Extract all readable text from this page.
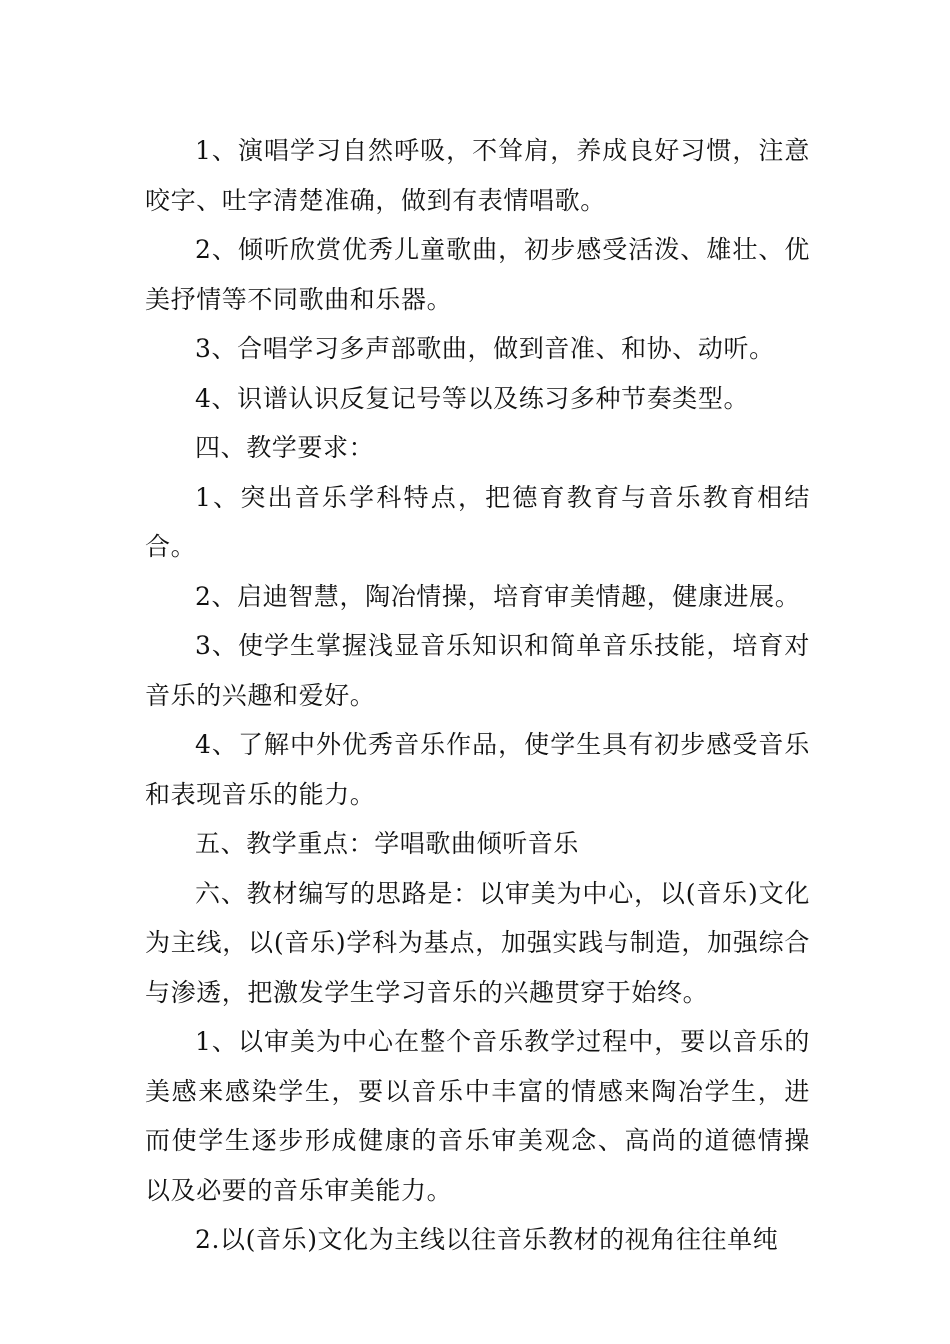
1、演唱学习自然呼吸，不耸肩，养成良好习惯，注意咬字、吐字清楚准确，做到有表情唱歌。

2、倾听欣赏优秀儿童歌曲，初步感受活泼、雄壮、优美抒情等不同歌曲和乐器。

3、合唱学习多声部歌曲，做到音准、和协、动听。

4、识谱认识反复记号等以及练习多种节奏类型。

四、教学要求：

1、突出音乐学科特点，把德育教育与音乐教育相结合。

2、启迪智慧，陶冶情操，培育审美情趣，健康进展。

3、使学生掌握浅显音乐知识和简单音乐技能，培育对音乐的兴趣和爱好。

4、了解中外优秀音乐作品，使学生具有初步感受音乐和表现音乐的能力。

五、教学重点：学唱歌曲倾听音乐

六、教材编写的思路是：以审美为中心，以(音乐)文化为主线，以(音乐)学科为基点，加强实践与制造，加强综合与渗透，把激发学生学习音乐的兴趣贯穿于始终。

1、以审美为中心在整个音乐教学过程中，要以音乐的美感来感染学生，要以音乐中丰富的情感来陶冶学生，进而使学生逐步形成健康的音乐审美观念、高尚的道德情操以及必要的音乐审美能力。

2.以(音乐)文化为主线以往音乐教材的视角往往单纯
